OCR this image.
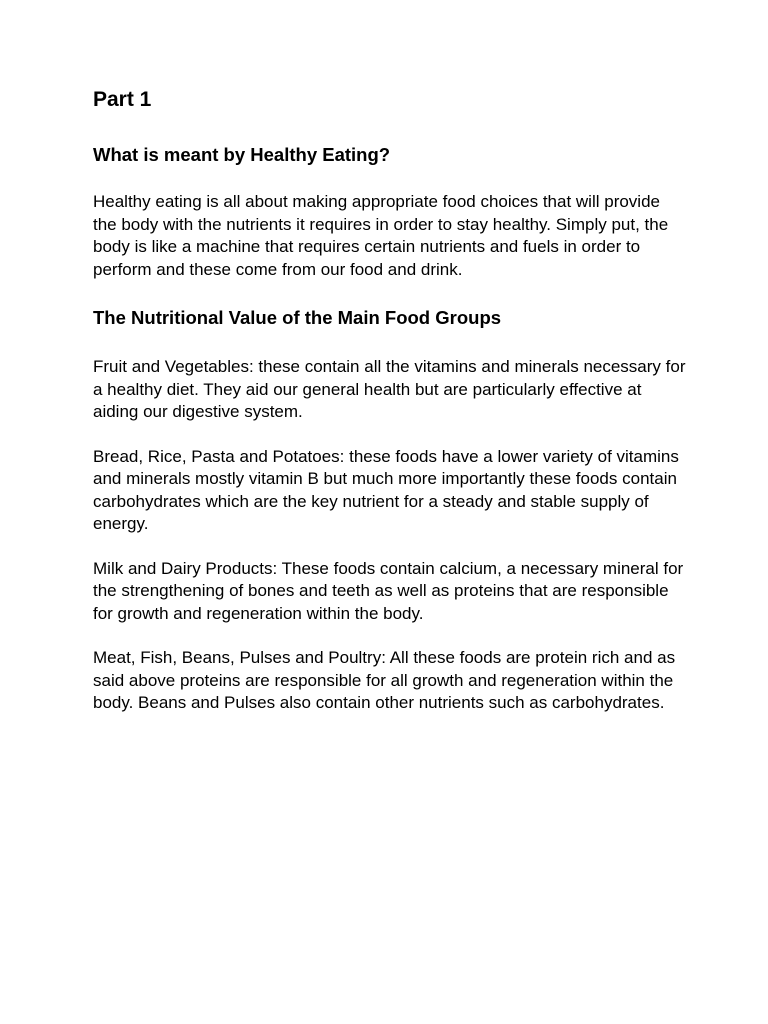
Part 1
What is meant by Healthy Eating?

Healthy eating is all about making appropriate food choices that will provide the body with the nutrients it requires in order to stay healthy. Simply put, the body is like a machine that requires certain nutrients and fuels in order to perform and these come from our food and drink.

The Nutritional Value of the Main Food Groups

Fruit and Vegetables: these contain all the vitamins and minerals necessary for a healthy diet. They aid our general health but are particularly effective at aiding our digestive system.

Bread, Rice, Pasta and Potatoes: these foods have a lower variety of vitamins and minerals mostly vitamin B but much more importantly these foods contain carbohydrates which are the key nutrient for a steady and stable supply of energy.

Milk and Dairy Products: These foods contain calcium, a necessary mineral for the strengthening of bones and teeth as well as proteins that are responsible for growth and regeneration within the body.

Meat, Fish, Beans, Pulses and Poultry: All these foods are protein rich and as said above proteins are responsible for all growth and regeneration within the body. Beans and Pulses also contain other nutrients such as carbohydrates.
